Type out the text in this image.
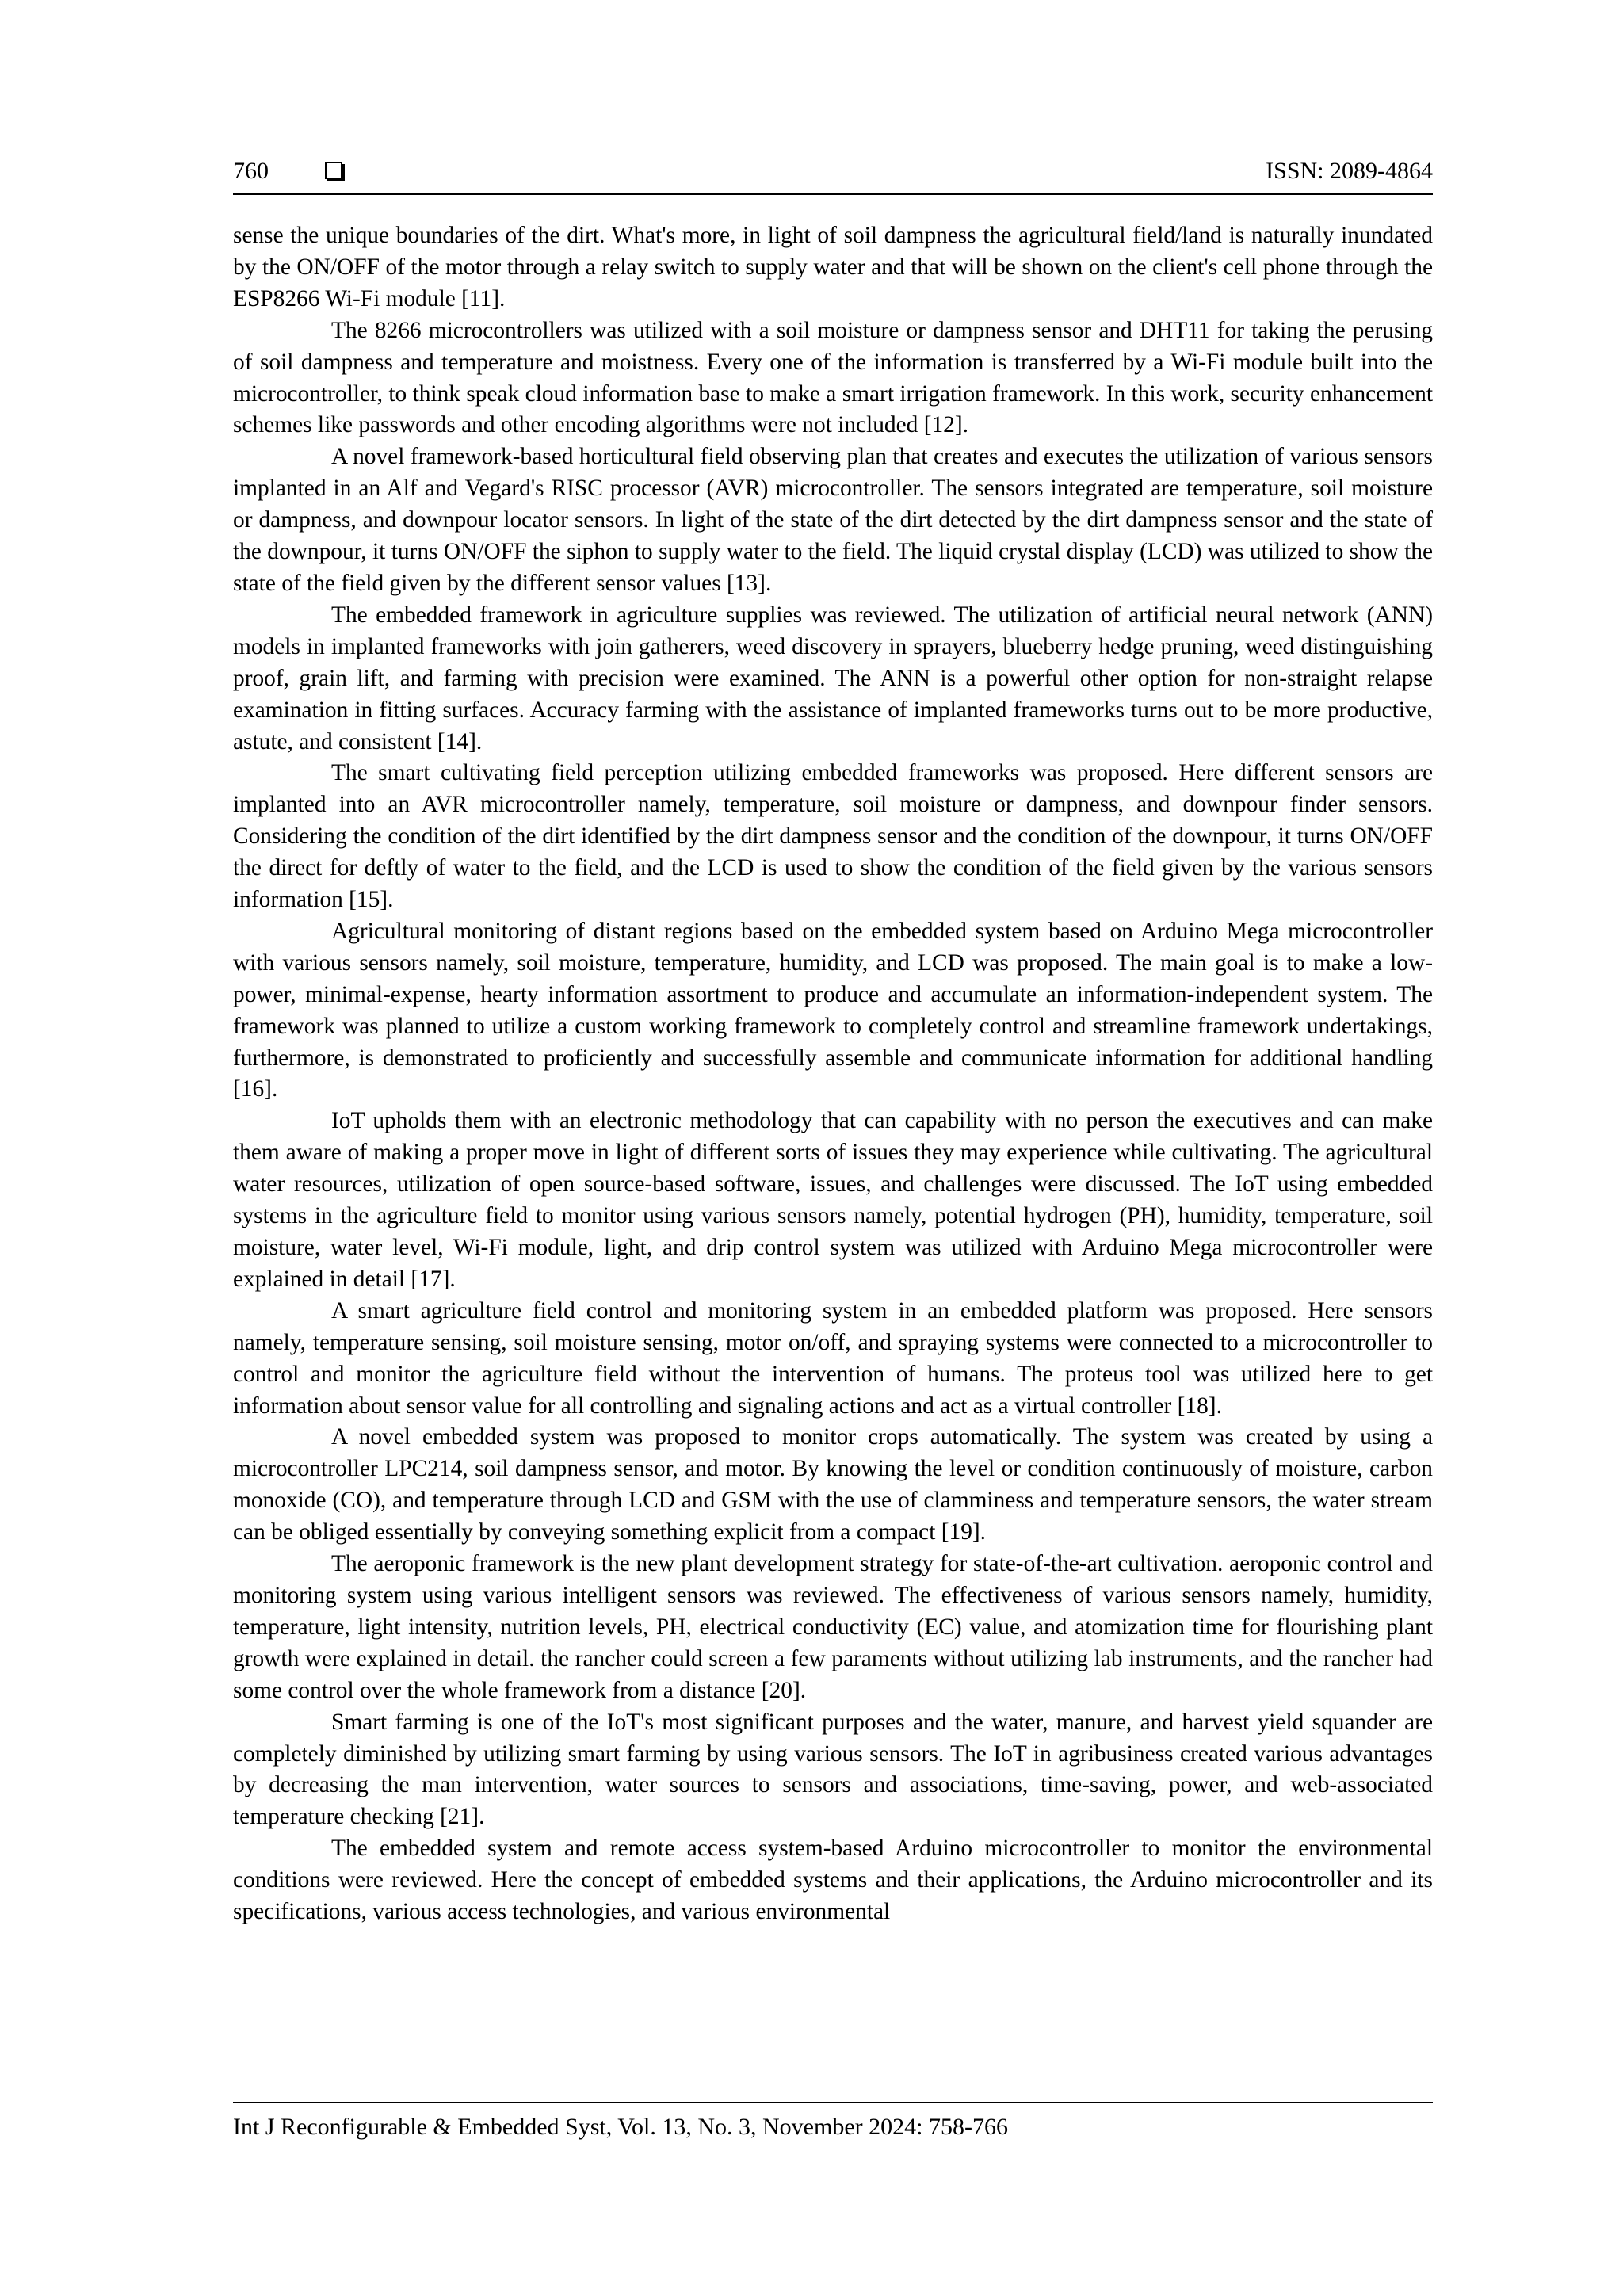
760	ISSN: 2089-4864

sense the unique boundaries of the dirt. What's more, in light of soil dampness the agricultural field/land is naturally inundated by the ON/OFF of the motor through a relay switch to supply water and that will be shown on the client's cell phone through the ESP8266 Wi-Fi module [11].

The 8266 microcontrollers was utilized with a soil moisture or dampness sensor and DHT11 for taking the perusing of soil dampness and temperature and moistness. Every one of the information is transferred by a Wi-Fi module built into the microcontroller, to think speak cloud information base to make a smart irrigation framework. In this work, security enhancement schemes like passwords and other encoding algorithms were not included [12].

A novel framework-based horticultural field observing plan that creates and executes the utilization of various sensors implanted in an Alf and Vegard's RISC processor (AVR) microcontroller. The sensors integrated are temperature, soil moisture or dampness, and downpour locator sensors. In light of the state of the dirt detected by the dirt dampness sensor and the state of the downpour, it turns ON/OFF the siphon to supply water to the field. The liquid crystal display (LCD) was utilized to show the state of the field given by the different sensor values [13].

The embedded framework in agriculture supplies was reviewed. The utilization of artificial neural network (ANN) models in implanted frameworks with join gatherers, weed discovery in sprayers, blueberry hedge pruning, weed distinguishing proof, grain lift, and farming with precision were examined. The ANN is a powerful other option for non-straight relapse examination in fitting surfaces. Accuracy farming with the assistance of implanted frameworks turns out to be more productive, astute, and consistent [14].

The smart cultivating field perception utilizing embedded frameworks was proposed. Here different sensors are implanted into an AVR microcontroller namely, temperature, soil moisture or dampness, and downpour finder sensors. Considering the condition of the dirt identified by the dirt dampness sensor and the condition of the downpour, it turns ON/OFF the direct for deftly of water to the field, and the LCD is used to show the condition of the field given by the various sensors information [15].

Agricultural monitoring of distant regions based on the embedded system based on Arduino Mega microcontroller with various sensors namely, soil moisture, temperature, humidity, and LCD was proposed. The main goal is to make a low-power, minimal-expense, hearty information assortment to produce and accumulate an information-independent system. The framework was planned to utilize a custom working framework to completely control and streamline framework undertakings, furthermore, is demonstrated to proficiently and successfully assemble and communicate information for additional handling [16].

IoT upholds them with an electronic methodology that can capability with no person the executives and can make them aware of making a proper move in light of different sorts of issues they may experience while cultivating. The agricultural water resources, utilization of open source-based software, issues, and challenges were discussed. The IoT using embedded systems in the agriculture field to monitor using various sensors namely, potential hydrogen (PH), humidity, temperature, soil moisture, water level, Wi-Fi module, light, and drip control system was utilized with Arduino Mega microcontroller were explained in detail [17].

A smart agriculture field control and monitoring system in an embedded platform was proposed. Here sensors namely, temperature sensing, soil moisture sensing, motor on/off, and spraying systems were connected to a microcontroller to control and monitor the agriculture field without the intervention of humans. The proteus tool was utilized here to get information about sensor value for all controlling and signaling actions and act as a virtual controller [18].

A novel embedded system was proposed to monitor crops automatically. The system was created by using a microcontroller LPC214, soil dampness sensor, and motor. By knowing the level or condition continuously of moisture, carbon monoxide (CO), and temperature through LCD and GSM with the use of clamminess and temperature sensors, the water stream can be obliged essentially by conveying something explicit from a compact [19].

The aeroponic framework is the new plant development strategy for state-of-the-art cultivation. aeroponic control and monitoring system using various intelligent sensors was reviewed. The effectiveness of various sensors namely, humidity, temperature, light intensity, nutrition levels, PH, electrical conductivity (EC) value, and atomization time for flourishing plant growth were explained in detail. the rancher could screen a few paraments without utilizing lab instruments, and the rancher had some control over the whole framework from a distance [20].

Smart farming is one of the IoT's most significant purposes and the water, manure, and harvest yield squander are completely diminished by utilizing smart farming by using various sensors. The IoT in agribusiness created various advantages by decreasing the man intervention, water sources to sensors and associations, time-saving, power, and web-associated temperature checking [21].

The embedded system and remote access system-based Arduino microcontroller to monitor the environmental conditions were reviewed. Here the concept of embedded systems and their applications, the Arduino microcontroller and its specifications, various access technologies, and various environmental

Int J Reconfigurable & Embedded Syst, Vol. 13, No. 3, November 2024: 758-766
